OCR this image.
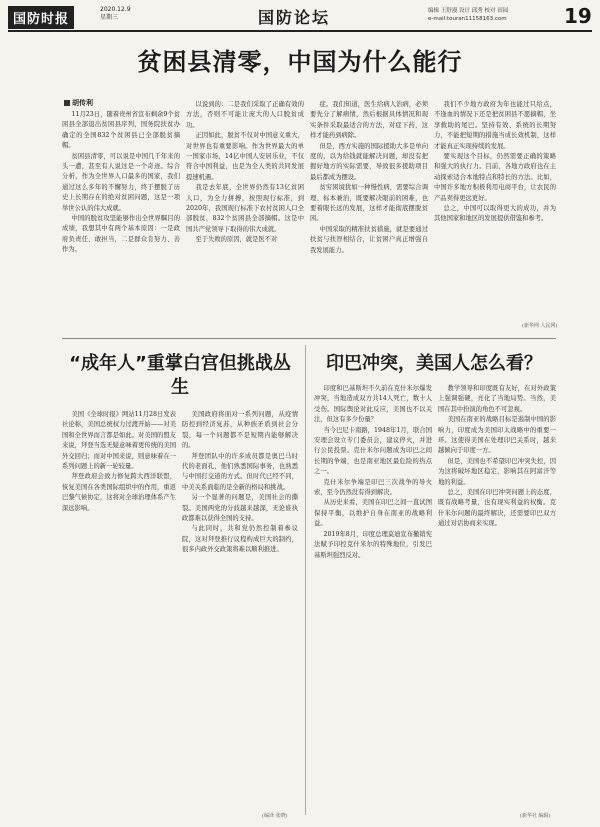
国防时报
2020.12.9
星期三	国防论坛	编辑 王舒漫 设计 邱秀 校对 田园
e-mail:touran11158163.com	19
贫困县清零，中国为什么能行
胡传利

11月23日，随着贵州省宣布剩余9个贫困县全部退出贫困县序列，国务院扶贫办确定的全国832个贫困县已全部脱贫摘帽。

贫困县清零，可以说是中国几千年来的头一遭，甚至有人说这是一个奇迹。综合分析，作为全世界人口最多的国家，我们通过这么多年的不懈努力，终于摆脱了历史上长期存在的绝对贫困问题，这是一项举世公认的伟大成就。

中国的脱贫攻坚能够作出全世界瞩目的成绩，我想其中有两个基本原因：一是政府负责任、敢担当，二是群众肯努力、善作为。

以说到的：二是我们采取了正确有效的方法，否则不可能让庞大的人口脱贫成功。

正因如此，脱贫不仅对中国意义重大，对世界也有重要影响。作为世界最大的单一国家市场，14亿中国人安居乐业，不仅符合中国利益，也是为全人类的共同发展提速机遇。

我是去年底，全世界仍然有13亿贫困人口，为全力拼搏，按照现行标准，到2020年，我国现行标准下农村贫困人口全部脱贫，832个贫困县全部摘帽。这是中国共产党领导下取得的伟大成就。

至于失败的原因，就是医不对

症。我们知道，医生给病人治病，必须要先分了解病情，然后根据具体情况和现实条件采取最适合的方法，对症下药，这样才能药到病除。

但是，西方实施的国际援助大多是单向度的，以为给钱就能解决问题，却没有把握好地方的实际需要，导致很多援助项目最后都成为摆设。

贫穷困境犹如一种慢性病，需要综合调理、标本兼治，既要解决眼前的困难，也要着眼长远的发展，这样才能彻底摆脱贫困。

中国采取的精准扶贫措施，就是要通过扶贫与扶智相结合，让贫困户真正增强自我发展能力。

我们不少地方政府为年也能过只给点，不逢血的情况下还是把贫困县不愿摘帽，坐享救助的尾巴。坚持有效、系统的长期努力，不能把短期的措施当成长效机制，这样才能真正实现持续的发展。

要实现这个目标，仍然需要正确的策略和强大的执行力。目前，各地方政府也在主动探索适合本地特点和特长的方法。比如，中国许多地方积极利用电商平台，让农民的产品卖得更远更好。

总之，中国可以取得更大的成功，并为其他国家和地区的发展提供借鉴和参考。

(新华网 人民网)
“成年人”重掌白宫但挑战丛生

美国《全球时报》网站11月28日发表社论称，美国总统权力过渡开始——对美国和全世界而言都是如此。对美国的盟友来说，拜登当选无疑意味着更传统的美国外交回归；而对中国来说，则意味着在一系列问题上的新一轮较量。

拜登政府会致力修复跨大西洋联盟，恢复美国在各类国际组织中的作用，重返巴黎气候协定，这将对全球治理体系产生深远影响。

美国政府将面对一系列问题，从疫情防控到经济复苏，从种族矛盾到社会分裂，每一个问题都不是短期内能够解决的。

拜登团队中的许多成员都是奥巴马时代的老面孔，他们熟悉国际事务，也熟悉与中国打交道的方式。但时代已经不同，中美关系面临的是全新的格局和挑战。

另一个显著的问题是，美国社会的撕裂。美国两党的分歧越来越深，无论谁执政都难以获得全国的支持。

与此同时，共和党仍然控制着参议院，这对拜登推行议程构成巨大的制约，很多内政外交政策将难以顺利推进。

(编译 张晓)
印巴冲突，美国人怎么看？

印度和巴基斯坦不久前在克什米尔爆发冲突，当地造成双方共14人死亡，数十人受伤。国际舆论对此反应，美国也不以关注，但这有多少份量？

当今巴尼卡南路，1948年1月，联合国安理会设立专门委员会，建议停火，并进行公民投票。克什米尔问题成为印巴之间长期的争端，也是南亚地区最危险的热点之一。

克什米尔争端是印巴三次战争的导火索，至今仍然没有得到解决。

从历史来看，美国在印巴之间一直试图保持平衡，以维护自身在南亚的战略利益。

2019年8月，印度总理莫迪宣布撤销宪法赋予印控克什米尔的特殊地位，引发巴基斯坦强烈反对。

教学领导和印度既有友好，在对外政策上强调强硬，亮化了当地局势。当然，美国在其中扮演的角色不可忽视。

美国在南亚的战略目标是遏制中国的影响力，印度成为美国印太战略中的重要一环。这使得美国在处理印巴关系时，越来越倾向于印度一方。

但是，美国也不希望印巴冲突失控，因为这将破坏地区稳定，影响其在阿富汗等地的利益。

总之，美国在印巴冲突问题上的态度，既有战略考量，也有现实利益的权衡。克什米尔问题的最终解决，还需要印巴双方通过对话协商来实现。

(新华社 编辑)
